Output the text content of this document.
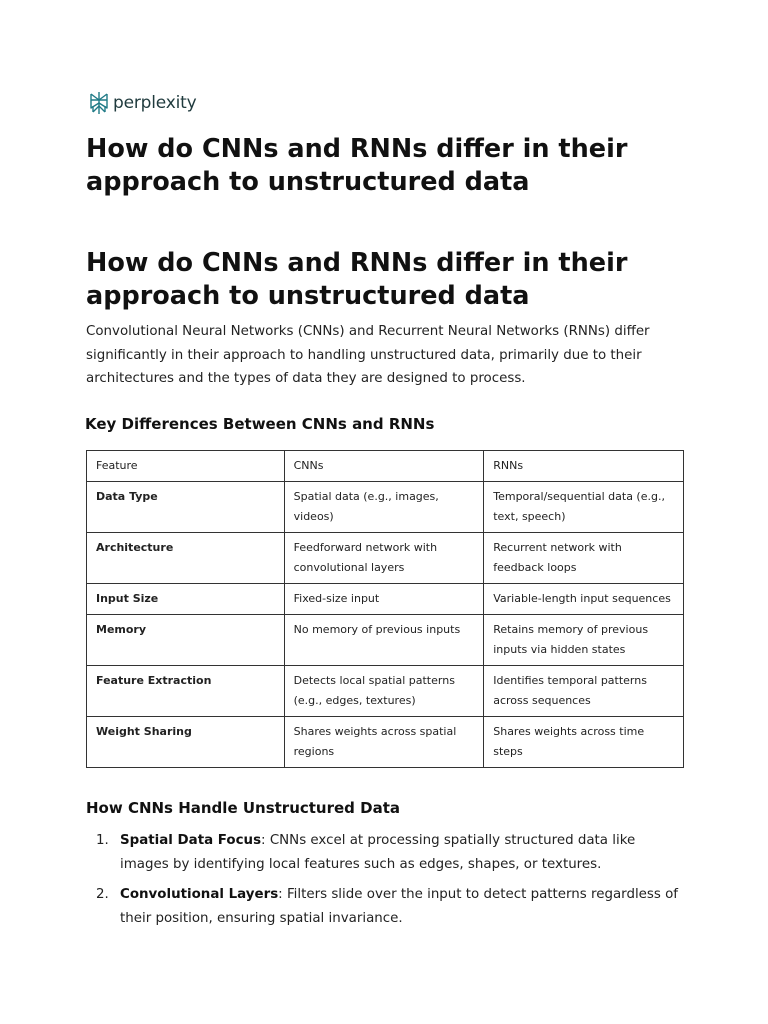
perplexity
How do CNNs and RNNs differ in their approach to unstructured data
How do CNNs and RNNs differ in their approach to unstructured data

Convolutional Neural Networks (CNNs) and Recurrent Neural Networks (RNNs) differ significantly in their approach to handling unstructured data, primarily due to their architectures and the types of data they are designed to process.

Key Differences Between CNNs and RNNs
Feature	CNNs	RNNs
Data Type	Spatial data (e.g., images, videos)	Temporal/sequential data (e.g., text, speech)
Architecture	Feedforward network with convolutional layers	Recurrent network with feedback loops
Input Size	Fixed-size input	Variable-length input sequences
Memory	No memory of previous inputs	Retains memory of previous inputs via hidden states
Feature Extraction	Detects local spatial patterns (e.g., edges, textures)	Identifies temporal patterns across sequences
Weight Sharing	Shares weights across spatial regions	Shares weights across time steps
How CNNs Handle Unstructured Data
1. Spatial Data Focus: CNNs excel at processing spatially structured data like images by identifying local features such as edges, shapes, or textures.
2. Convolutional Layers: Filters slide over the input to detect patterns regardless of their position, ensuring spatial invariance.
